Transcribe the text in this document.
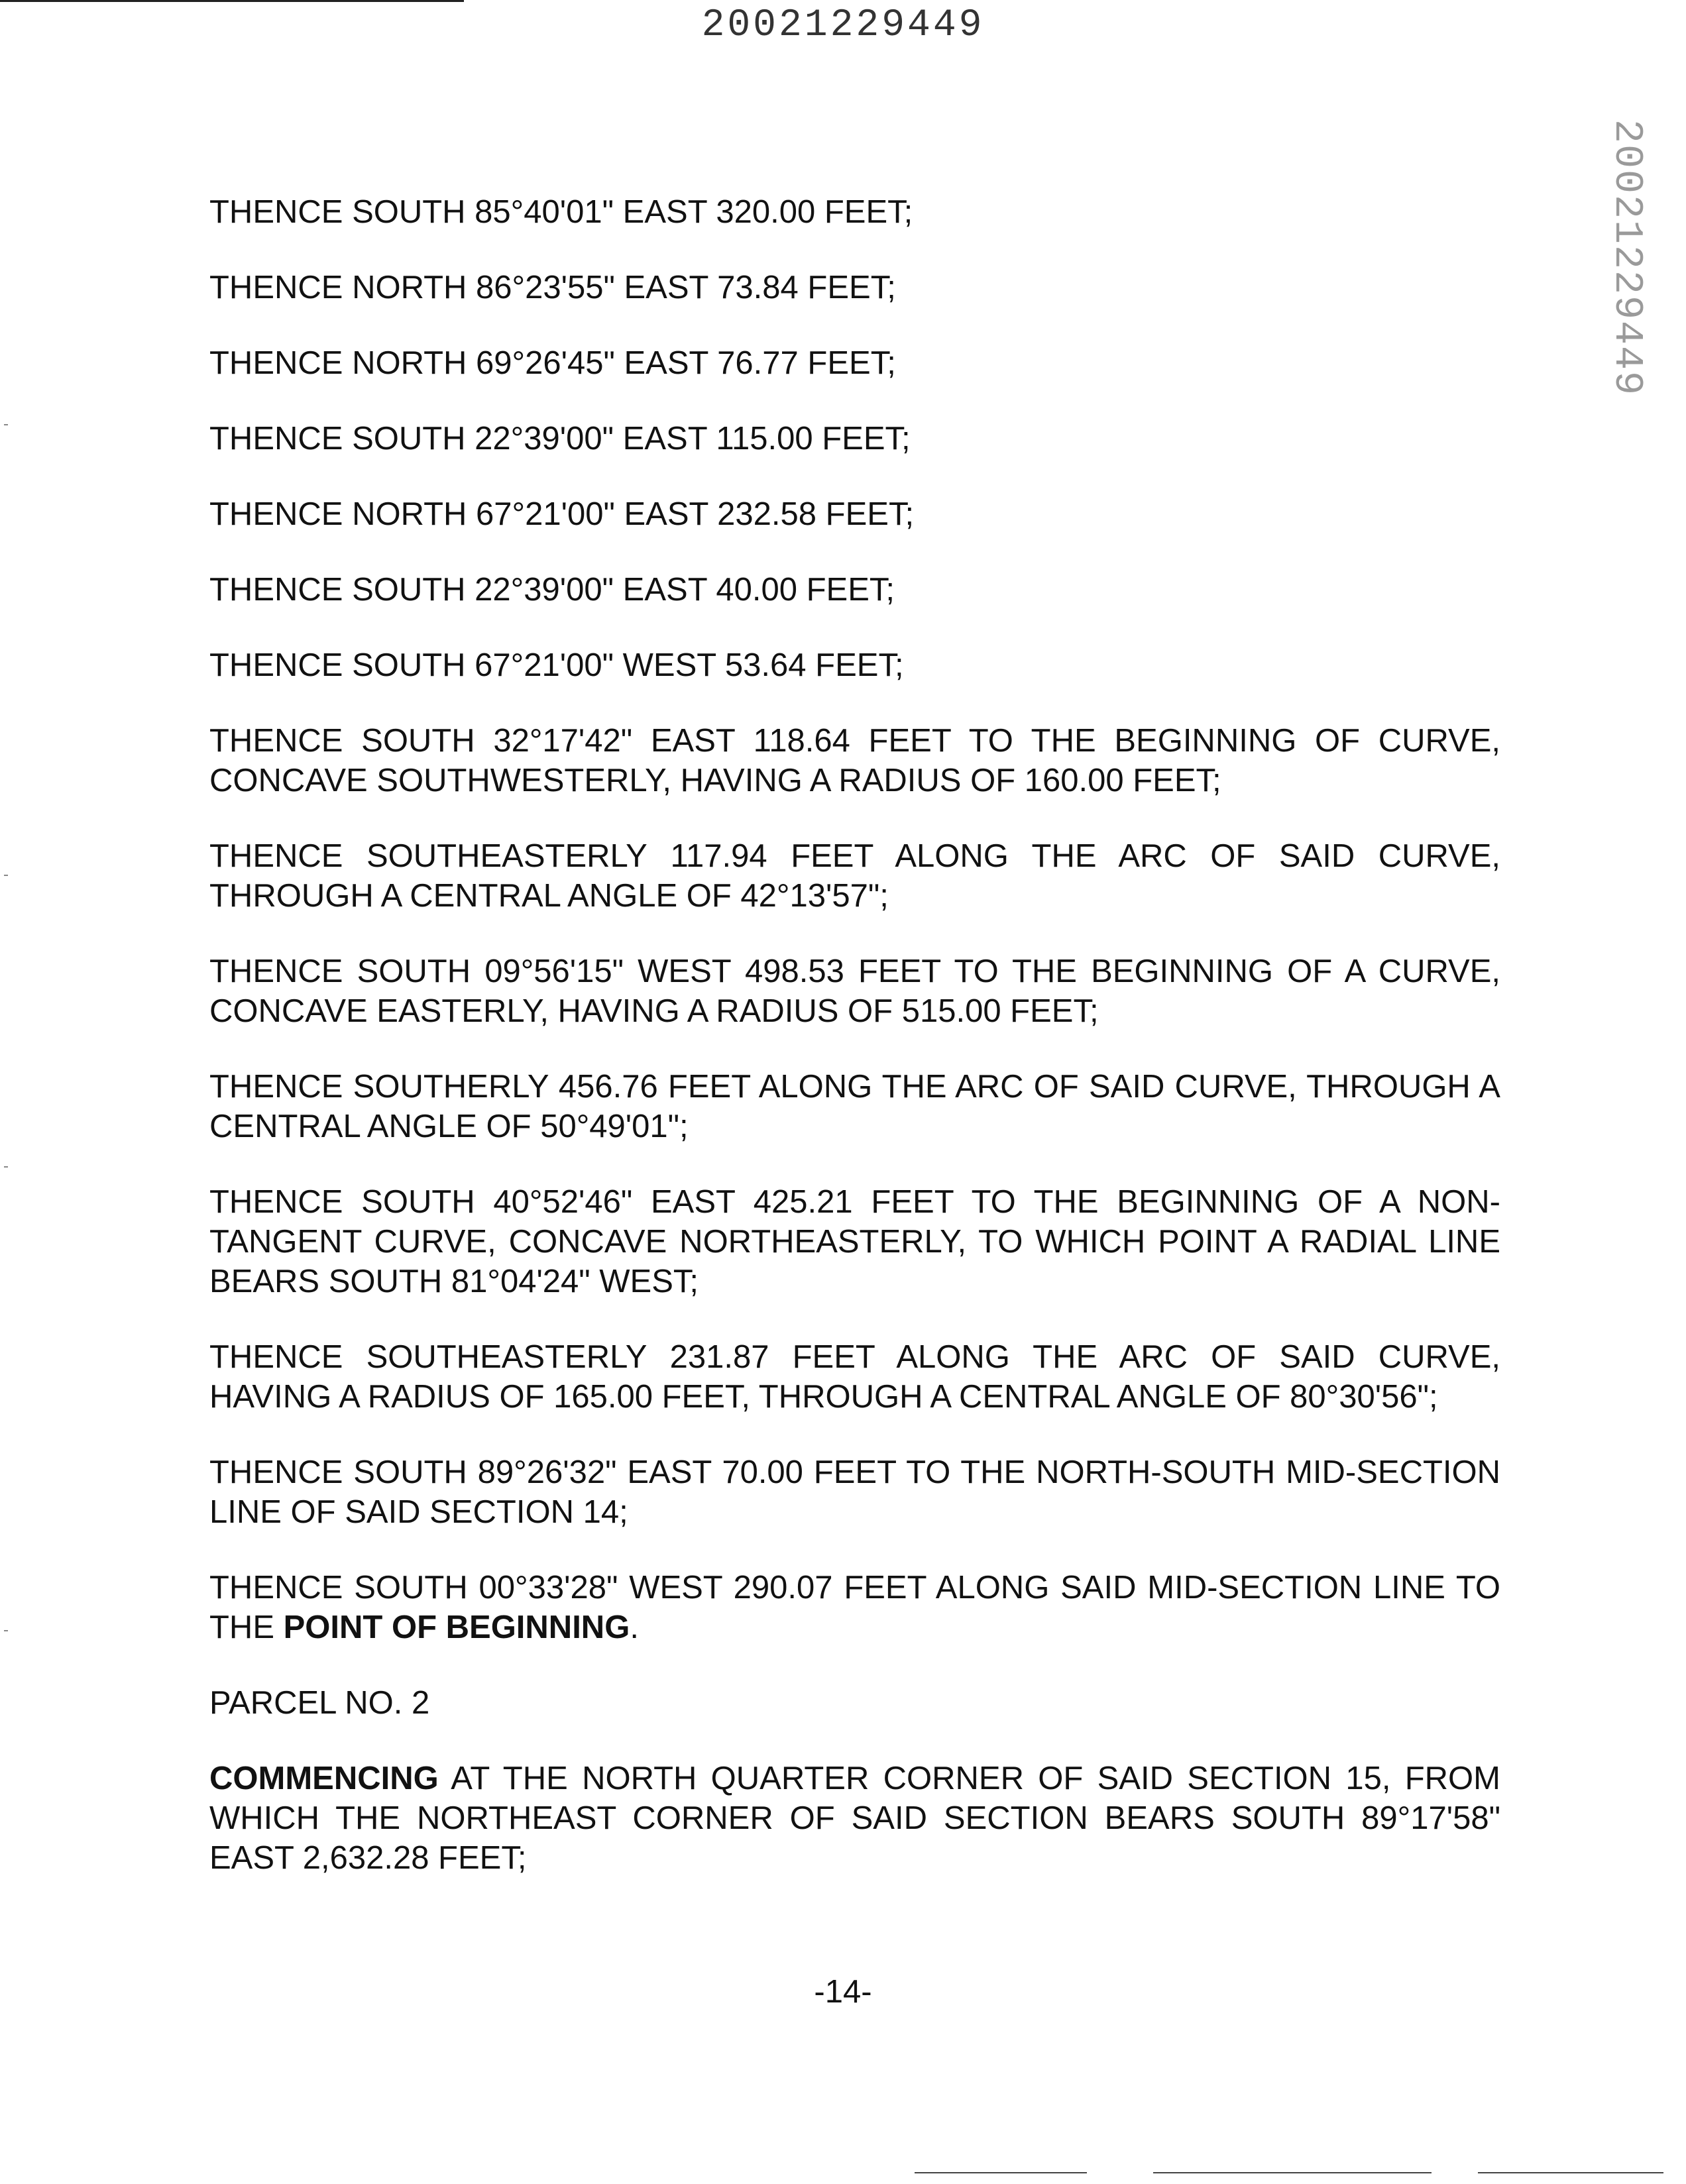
20021229449
20021229449

THENCE SOUTH 85°40'01" EAST 320.00 FEET;

THENCE NORTH 86°23'55" EAST 73.84 FEET;

THENCE NORTH 69°26'45" EAST 76.77 FEET;

THENCE SOUTH 22°39'00" EAST 115.00 FEET;

THENCE NORTH 67°21'00" EAST 232.58 FEET;

THENCE SOUTH 22°39'00" EAST 40.00 FEET;

THENCE SOUTH 67°21'00" WEST 53.64 FEET;

THENCE SOUTH 32°17'42" EAST 118.64 FEET TO THE BEGINNING OF CURVE, CONCAVE SOUTHWESTERLY, HAVING A RADIUS OF 160.00 FEET;

THENCE SOUTHEASTERLY 117.94 FEET ALONG THE ARC OF SAID CURVE, THROUGH A CENTRAL ANGLE OF 42°13'57";

THENCE SOUTH 09°56'15" WEST 498.53 FEET TO THE BEGINNING OF A CURVE, CONCAVE EASTERLY, HAVING A RADIUS OF 515.00 FEET;

THENCE SOUTHERLY 456.76 FEET ALONG THE ARC OF SAID CURVE, THROUGH A CENTRAL ANGLE OF 50°49'01";

THENCE SOUTH 40°52'46" EAST 425.21 FEET TO THE BEGINNING OF A NON-TANGENT CURVE, CONCAVE NORTHEASTERLY, TO WHICH POINT A RADIAL LINE BEARS SOUTH 81°04'24" WEST;

THENCE SOUTHEASTERLY 231.87 FEET ALONG THE ARC OF SAID CURVE, HAVING A RADIUS OF 165.00 FEET, THROUGH A CENTRAL ANGLE OF 80°30'56";

THENCE SOUTH 89°26'32" EAST 70.00 FEET TO THE NORTH-SOUTH MID-SECTION LINE OF SAID SECTION 14;

THENCE SOUTH 00°33'28" WEST 290.07 FEET ALONG SAID MID-SECTION LINE TO THE POINT OF BEGINNING.

PARCEL NO. 2

COMMENCING AT THE NORTH QUARTER CORNER OF SAID SECTION 15, FROM WHICH THE NORTHEAST CORNER OF SAID SECTION BEARS SOUTH 89°17'58" EAST 2,632.28 FEET;

-14-
